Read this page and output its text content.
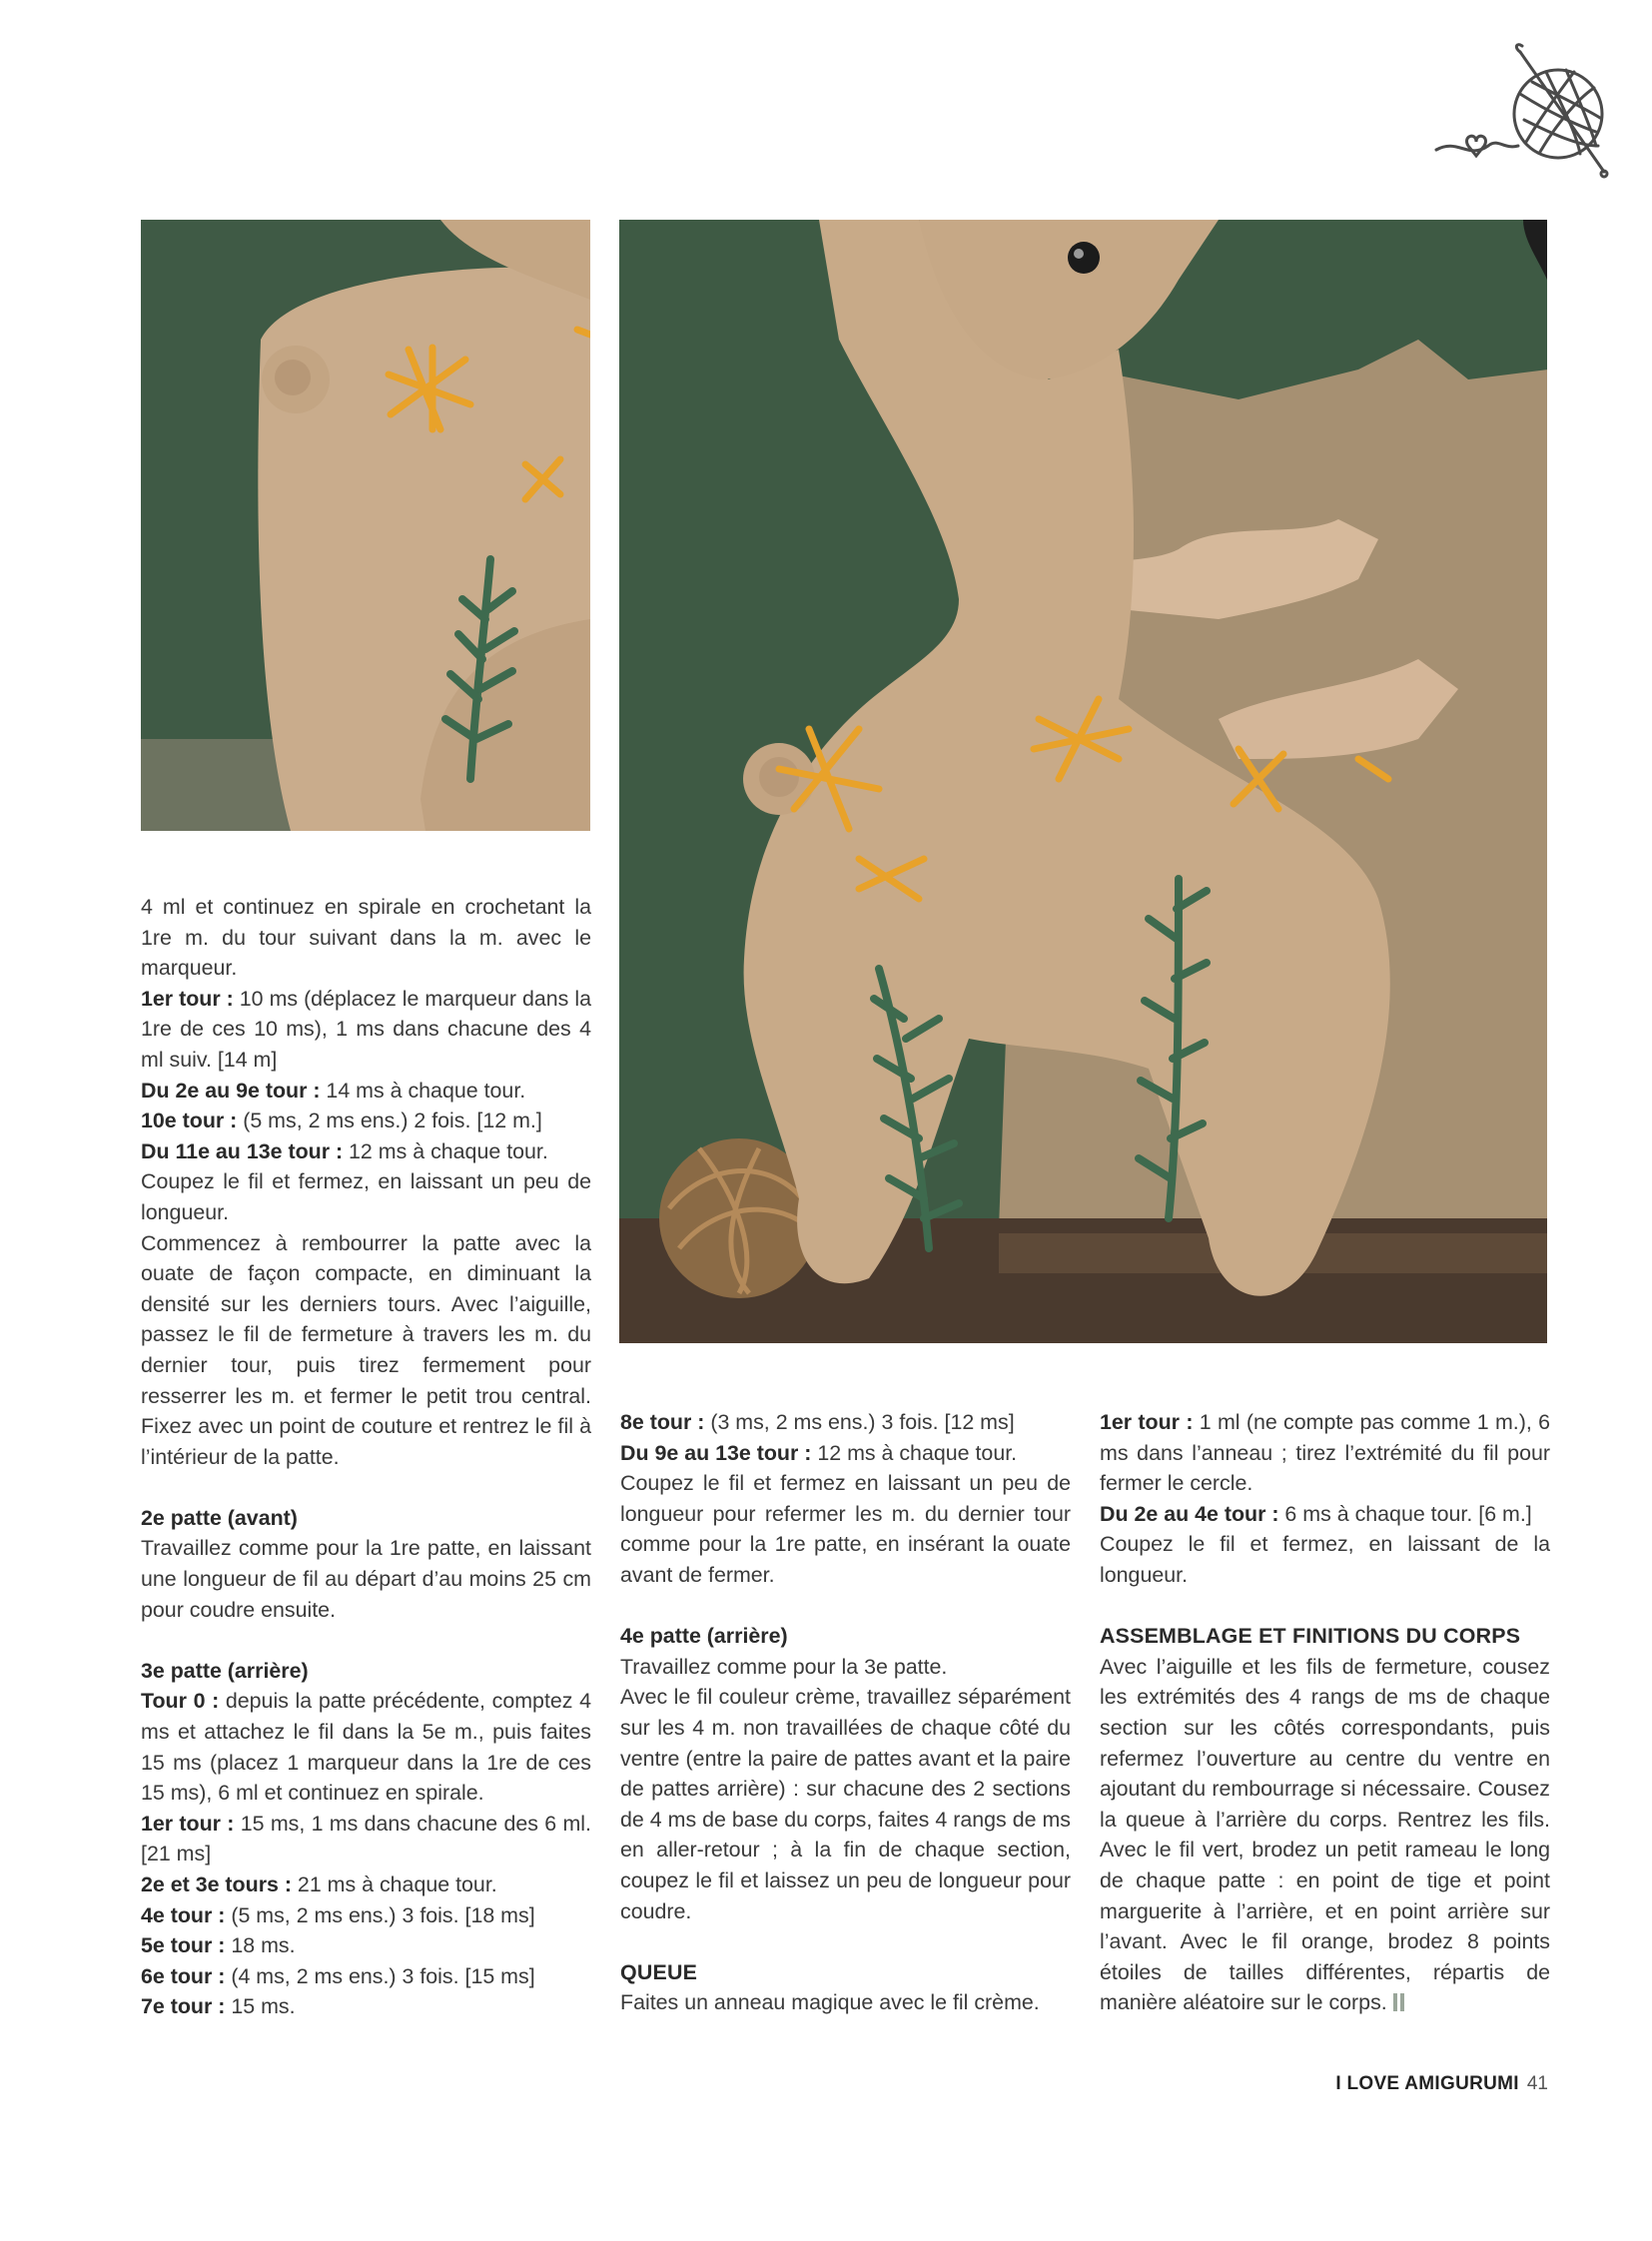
4 ml et continuez en spirale en crochetant la 1re m. du tour suivant dans la m. avec le marqueur.

1er tour : 10 ms (déplacez le marqueur dans la 1re de ces 10 ms), 1 ms dans chacune des 4 ml suiv. [14 m]

Du 2e au 9e tour : 14 ms à chaque tour.

10e tour : (5 ms, 2 ms ens.) 2 fois. [12 m.]

Du 11e au 13e tour : 12 ms à chaque tour.

Coupez le fil et fermez, en laissant un peu de longueur.

Commencez à rembourrer la patte avec la ouate de façon compacte, en diminuant la densité sur les derniers tours. Avec l’aiguille, passez le fil de fermeture à travers les m. du dernier tour, puis tirez fermement pour resserrer les m. et fermer le petit trou central. Fixez avec un point de couture et rentrez le fil à l’intérieur de la patte.

2e patte (avant)

Travaillez comme pour la 1re patte, en laissant une longueur de fil au départ d’au moins 25 cm pour coudre ensuite.

3e patte (arrière)

Tour 0 : depuis la patte précédente, comptez 4 ms et attachez le fil dans la 5e m., puis faites 15 ms (placez 1 marqueur dans la 1re de ces 15 ms), 6 ml et continuez en spirale.

1er tour : 15 ms, 1 ms dans chacune des 6 ml. [21 ms]

2e et 3e tours : 21 ms à chaque tour.

4e tour : (5 ms, 2 ms ens.) 3 fois. [18 ms]

5e tour : 18 ms.

6e tour : (4 ms, 2 ms ens.) 3 fois. [15 ms]

7e tour : 15 ms.

8e tour : (3 ms, 2 ms ens.) 3 fois. [12 ms]

Du 9e au 13e tour : 12 ms à chaque tour.

Coupez le fil et fermez en laissant un peu de longueur pour refermer les m. du dernier tour comme pour la 1re patte, en insérant la ouate avant de fermer.

4e patte (arrière)

Travaillez comme pour la 3e patte.

Avec le fil couleur crème, travaillez séparément sur les 4 m. non travaillées de chaque côté du ventre (entre la paire de pattes avant et la paire de pattes arrière) : sur chacune des 2 sections de 4 ms de base du corps, faites 4 rangs de ms en aller-retour ; à la fin de chaque section, coupez le fil et laissez un peu de longueur pour coudre.

QUEUE

Faites un anneau magique avec le fil crème.

1er tour : 1 ml (ne compte pas comme 1 m.), 6 ms dans l’anneau ; tirez l’extrémité du fil pour fermer le cercle.

Du 2e au 4e tour : 6 ms à chaque tour. [6 m.]

Coupez le fil et fermez, en laissant de la longueur.

ASSEMBLAGE ET FINITIONS DU CORPS

Avec l’aiguille et les fils de fermeture, cousez les extrémités des 4 rangs de ms de chaque section sur les côtés correspondants, puis refermez l’ouverture au centre du ventre en ajoutant du rembourrage si nécessaire. Cousez la queue à l’arrière du corps. Rentrez les fils. Avec le fil vert, brodez un petit rameau le long de chaque patte : en point de tige et point marguerite à l’arrière, et en point arrière sur l’avant. Avec le fil orange, brodez 8 points étoiles de tailles différentes, répartis de manière aléatoire sur le corps.

I LOVE AMIGURUMI 41
